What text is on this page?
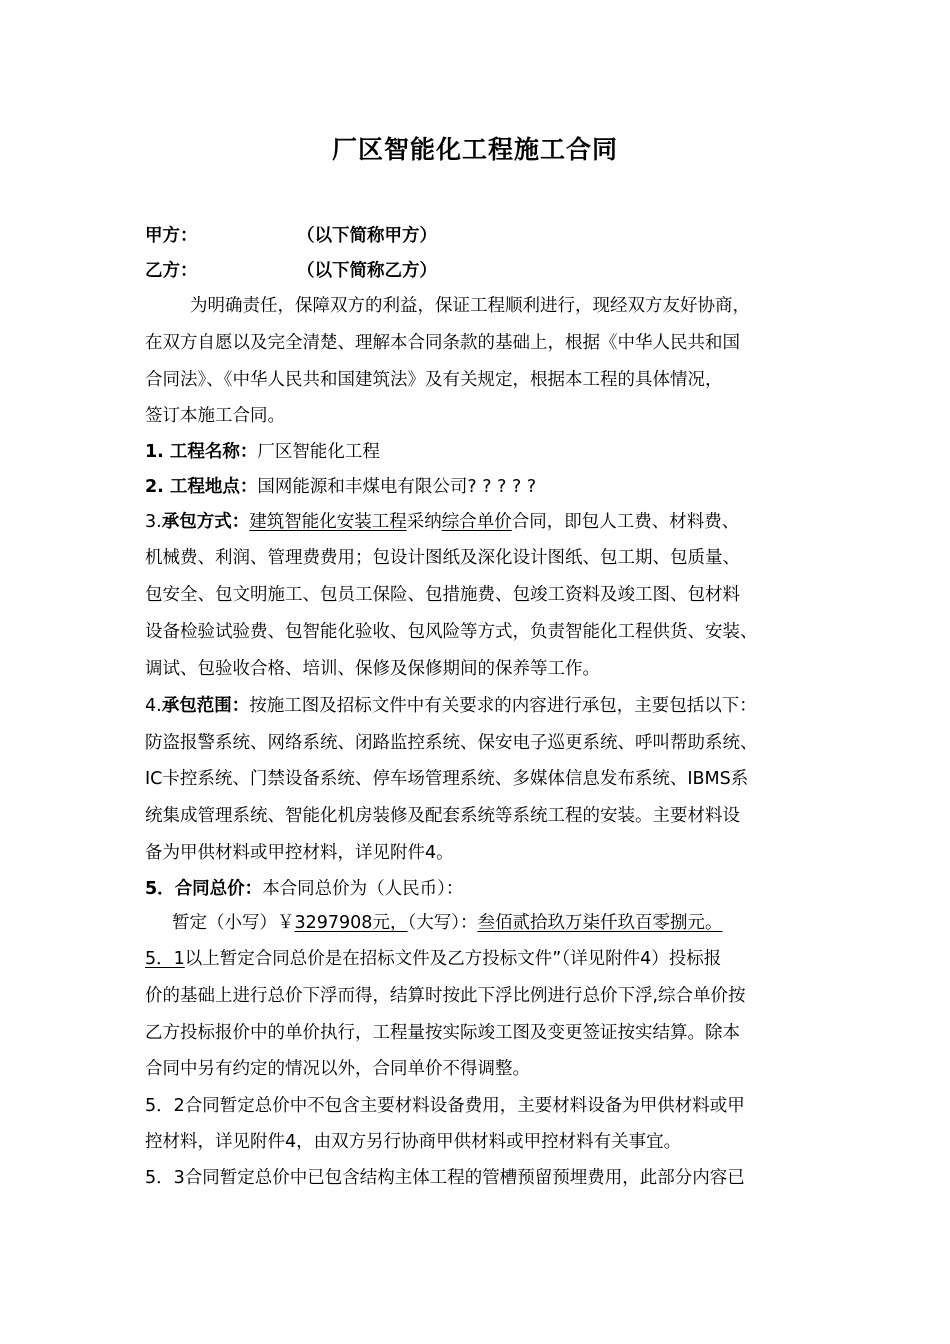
厂区智能化工程施工合同
甲方：	（以下简称甲方）
乙方：	（以下简称乙方）
为明确责任，保障双方的利益，保证工程顺利进行，现经双方友好协商，
在双方自愿以及完全清楚、理解本合同条款的基础上，根据《中华人民共和国
合同法》、《中华人民共和国建筑法》及有关规定，根据本工程的具体情况，
签订本施工合同。
1. 工程名称：厂区智能化工程
2. 工程地点：国网能源和丰煤电有限公司? ? ? ? ?
3.承包方式：建筑智能化安装工程采纳综合单价合同，即包人工费、材料费、
机械费、利润、管理费费用；包设计图纸及深化设计图纸、包工期、包质量、
包安全、包文明施工、包员工保险、包措施费、包竣工资料及竣工图、包材料
设备检验试验费、包智能化验收、包风险等方式，负责智能化工程供货、安装、
调试、包验收合格、培训、保修及保修期间的保养等工作。
4.承包范围：按施工图及招标文件中有关要求的内容进行承包，主要包括以下：
防盗报警系统、网络系统、闭路监控系统、保安电子巡更系统、呼叫帮助系统、
IC卡控系统、门禁设备系统、停车场管理系统、多媒体信息发布系统、IBMS系
统集成管理系统、智能化机房装修及配套系统等系统工程的安装。主要材料设
备为甲供材料或甲控材料，详见附件4。
5．合同总价：本合同总价为（人民币）：
暂定（小写）￥3297908元，（大写）：叁佰贰拾玖万柒仟玖百零捌元。
5．1以上暂定合同总价是在招标文件及乙方投标文件”（详见附件4）投标报
价的基础上进行总价下浮而得，结算时按此下浮比例进行总价下浮,综合单价按
乙方投标报价中的单价执行，工程量按实际竣工图及变更签证按实结算。除本
合同中另有约定的情况以外，合同单价不得调整。
5．2合同暂定总价中不包含主要材料设备费用，主要材料设备为甲供材料或甲
控材料，详见附件4，由双方另行协商甲供材料或甲控材料有关事宜。
5．3合同暂定总价中已包含结构主体工程的管槽预留预埋费用，此部分内容已
